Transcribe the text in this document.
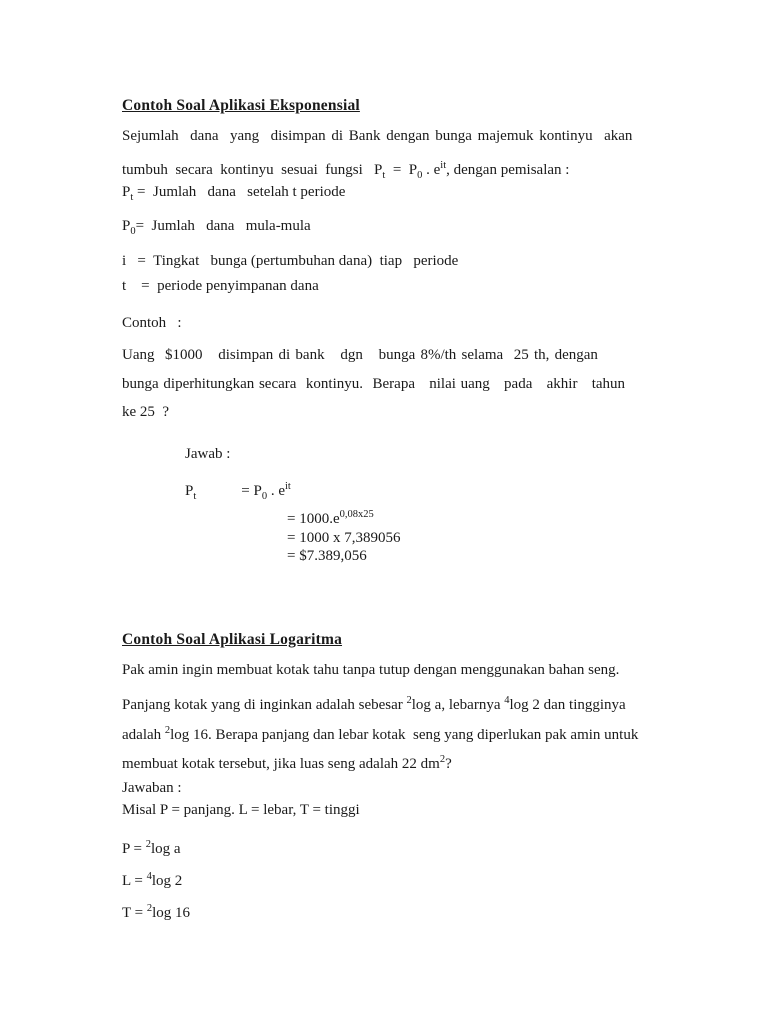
Contoh Soal Aplikasi Eksponensial
Sejumlah  dana  yang  disimpan di Bank dengan bunga majemuk kontinyu  akan
tumbuh  secara  kontinyu  sesuai  fungsi   $P_t = P_0$ . $e^{it}$, dengan pemisalan :
$P_t$ =  Jumlah   dana   setelah t periode
$P_0=$  Jumlah   dana   mula-mula
i   =  Tingkat   bunga (pertumbuhan dana)  tiap   periode
t    =  periode penyimpanan dana
Contoh   :
Uang  $1000   disimpan di bank   dgn   bunga 8%/th selama  25 th, dengan
bunga diperhitungkan secara  kontinyu.  Berapa   nilai uang   pada   akhir   tahun
ke 25  ?
Jawab :
$P_t$            = $P_0$ . $e^{it}$
= $1000.e^{0,08x25}$
= 1000 x 7,389056
= $7.389,056
Contoh Soal Aplikasi Logaritma
Pak amin ingin membuat kotak tahu tanpa tutup dengan menggunakan bahan seng.
Panjang kotak yang di inginkan adalah sebesar $^2$log a, lebarnya $^4$log 2 dan tingginya
adalah $^2$log 16. Berapa panjang dan lebar kotak  seng yang diperlukan pak amin untuk
membuat kotak tersebut, jika luas seng adalah 22 $dm^2$?
Jawaban :
Misal P = panjang. L = lebar, T = tinggi
P = $^2$log a
L = $^4$log 2
T = $^2$log 16
